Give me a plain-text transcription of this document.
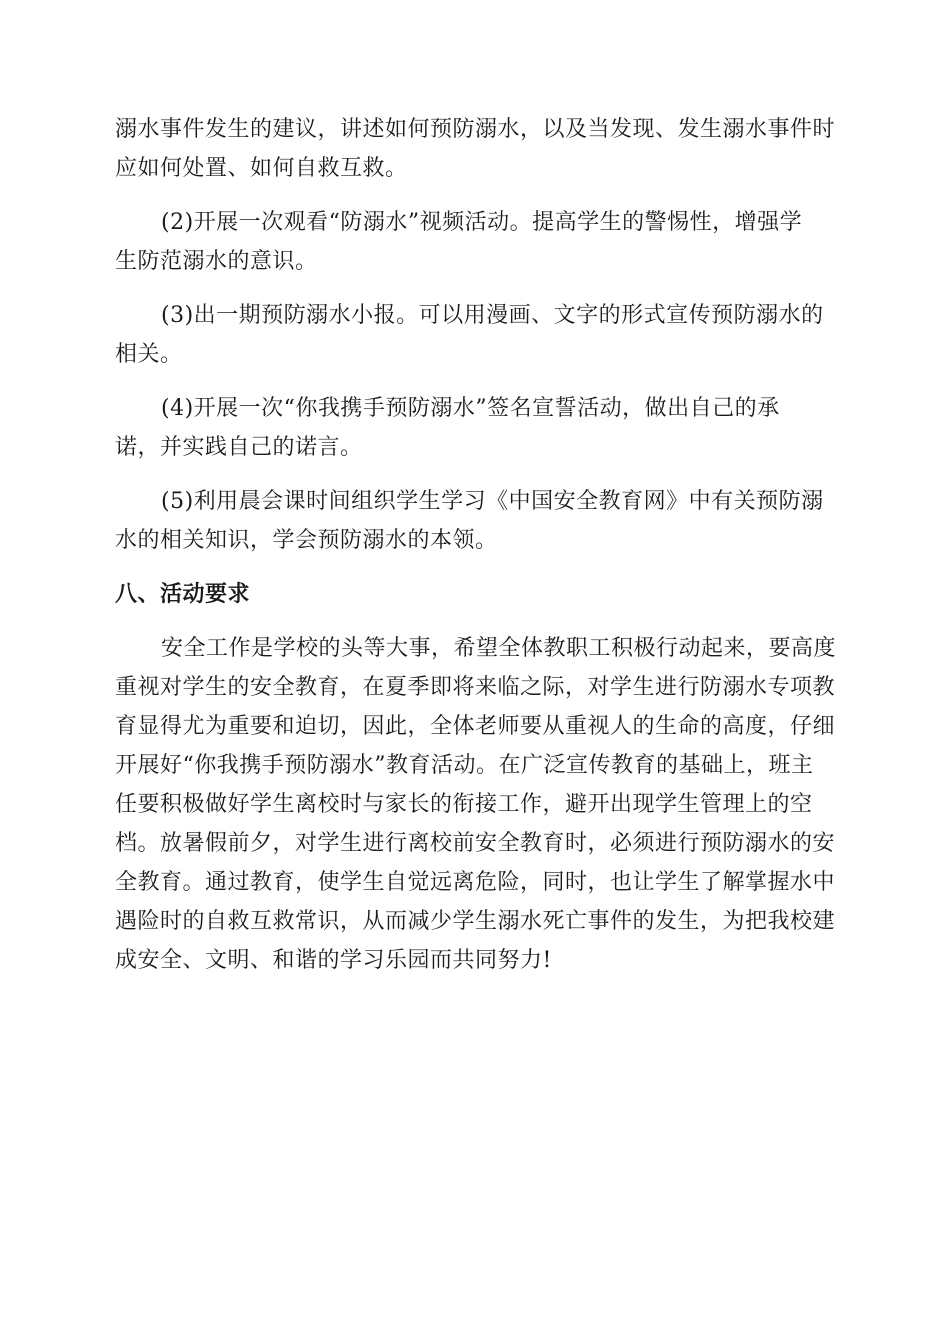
溺水事件发生的建议，讲述如何预防溺水，以及当发现、发生溺水事件时
应如何处置、如何自救互救。

(2)开展一次观看“防溺水”视频活动。提高学生的警惕性，增强学
生防范溺水的意识。

(3)出一期预防溺水小报。可以用漫画、文字的形式宣传预防溺水的
相关。

(4)开展一次“你我携手预防溺水”签名宣誓活动，做出自己的承
诺，并实践自己的诺言。

(5)利用晨会课时间组织学生学习《中国安全教育网》中有关预防溺
水的相关知识，学会预防溺水的本领。

八、活动要求

安全工作是学校的头等大事，希望全体教职工积极行动起来，要高度
重视对学生的安全教育，在夏季即将来临之际，对学生进行防溺水专项教
育显得尤为重要和迫切，因此，全体老师要从重视人的生命的高度，仔细
开展好“你我携手预防溺水”教育活动。在广泛宣传教育的基础上，班主
任要积极做好学生离校时与家长的衔接工作，避开出现学生管理上的空
档。放暑假前夕，对学生进行离校前安全教育时，必须进行预防溺水的安
全教育。通过教育，使学生自觉远离危险，同时，也让学生了解掌握水中
遇险时的自救互救常识，从而减少学生溺水死亡事件的发生，为把我校建
成安全、文明、和谐的学习乐园而共同努力!
